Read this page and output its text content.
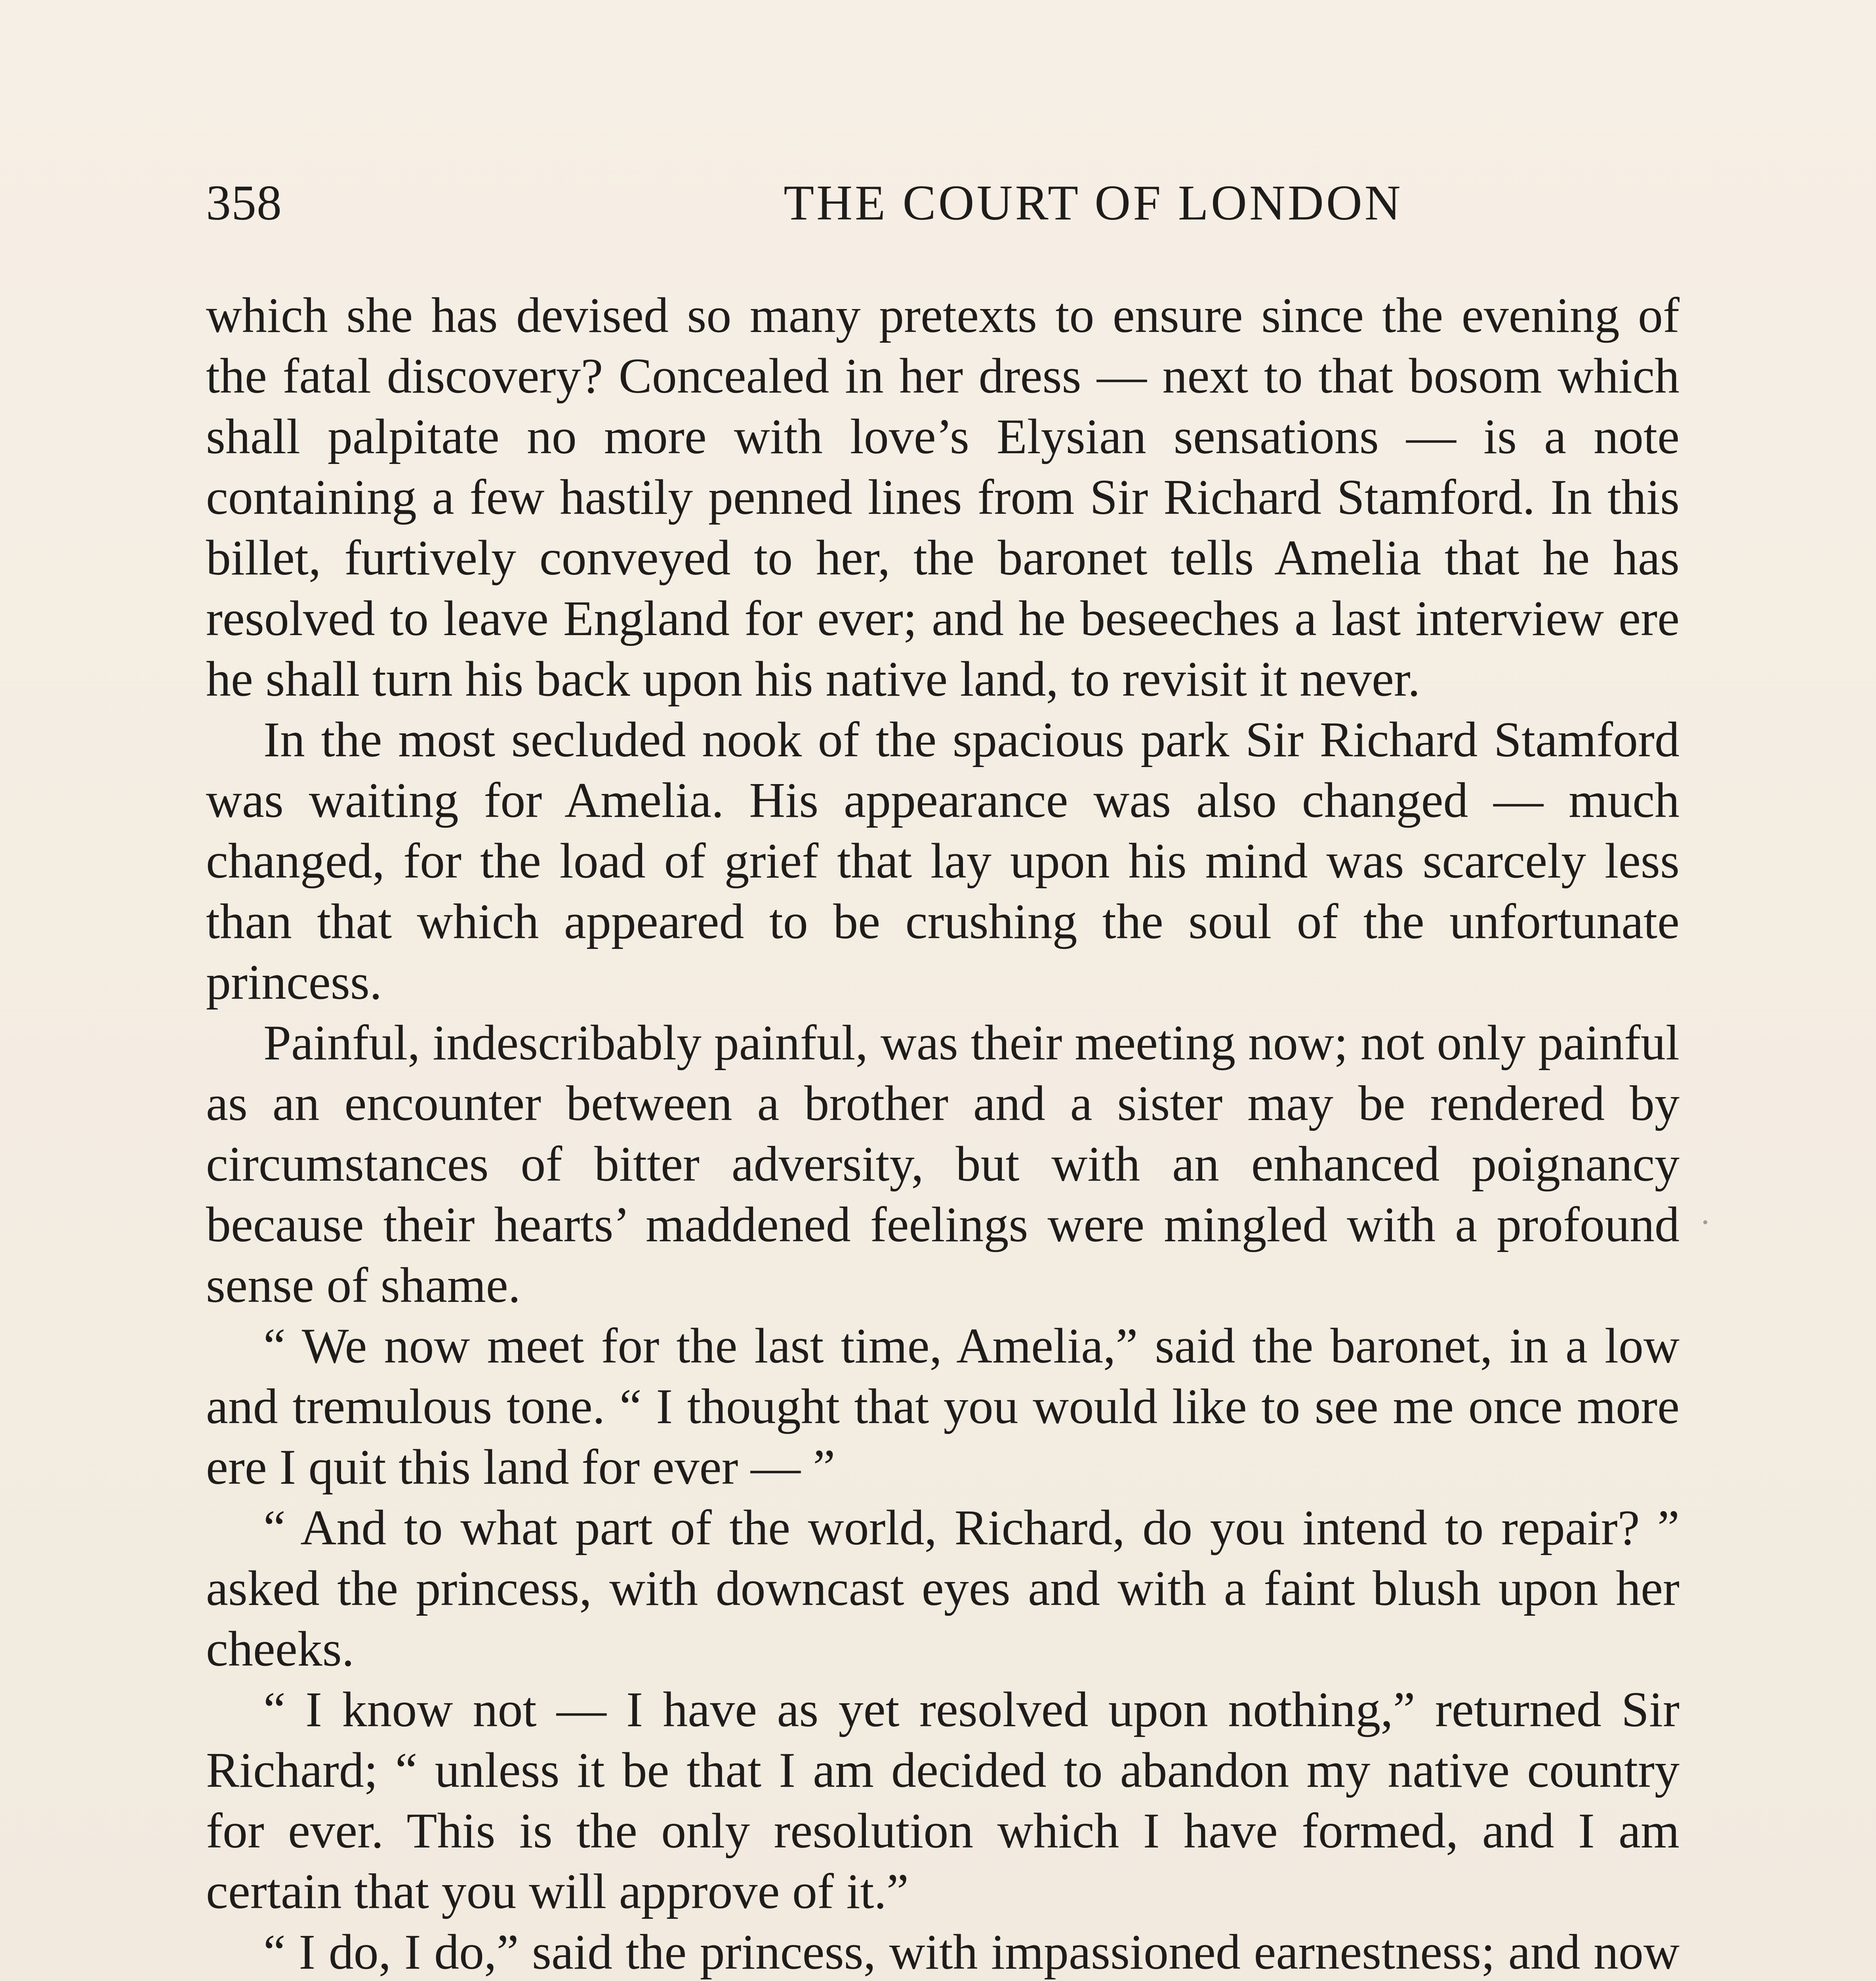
358	THE COURT OF LONDON

which she has devised so many pretexts to ensure since the evening of the fatal discovery? Concealed in her dress — next to that bosom which shall palpitate no more with love’s Elysian sensations — is a note containing a few hastily penned lines from Sir Richard Stamford. In this billet, furtively conveyed to her, the baronet tells Amelia that he has resolved to leave England for ever; and he beseeches a last interview ere he shall turn his back upon his native land, to revisit it never.

In the most secluded nook of the spacious park Sir Richard Stamford was waiting for Amelia. His appearance was also changed — much changed, for the load of grief that lay upon his mind was scarcely less than that which appeared to be crushing the soul of the unfortunate princess.

Painful, indescribably painful, was their meeting now; not only painful as an encounter between a brother and a sister may be rendered by circumstances of bitter adversity, but with an enhanced poignancy because their hearts’ maddened feelings were mingled with a profound sense of shame.

“ We now meet for the last time, Amelia,” said the baronet, in a low and tremulous tone. “ I thought that you would like to see me once more ere I quit this land for ever — ”

“ And to what part of the world, Richard, do you intend to repair? ” asked the princess, with downcast eyes and with a faint blush upon her cheeks.

“ I know not — I have as yet resolved upon nothing,” returned Sir Richard; “ unless it be that I am decided to abandon my native country for ever. This is the only resolution which I have formed, and I am certain that you will approve of it.”

“ I do, I do,” said the princess, with impassioned earnestness; and now
